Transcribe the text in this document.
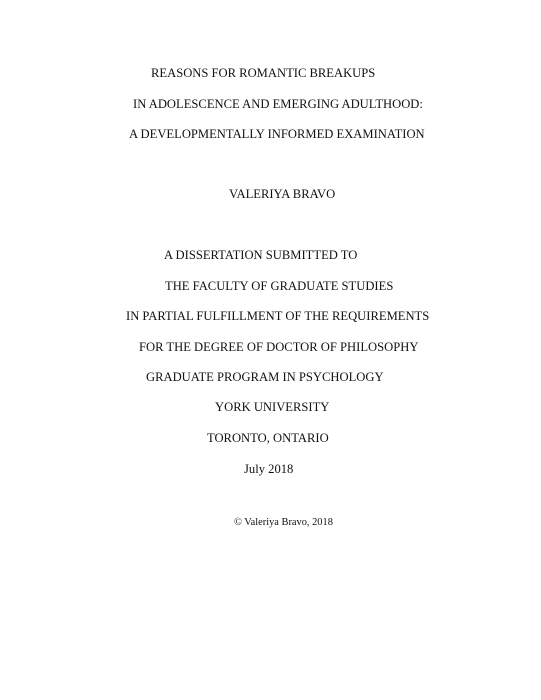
REASONS FOR ROMANTIC BREAKUPS
IN ADOLESCENCE AND EMERGING ADULTHOOD:
A DEVELOPMENTALLY INFORMED EXAMINATION
VALERIYA BRAVO
A DISSERTATION SUBMITTED TO
THE FACULTY OF GRADUATE STUDIES
IN PARTIAL FULFILLMENT OF THE REQUIREMENTS
FOR THE DEGREE OF DOCTOR OF PHILOSOPHY
GRADUATE PROGRAM IN PSYCHOLOGY
YORK UNIVERSITY
TORONTO, ONTARIO
July 2018
© Valeriya Bravo, 2018
